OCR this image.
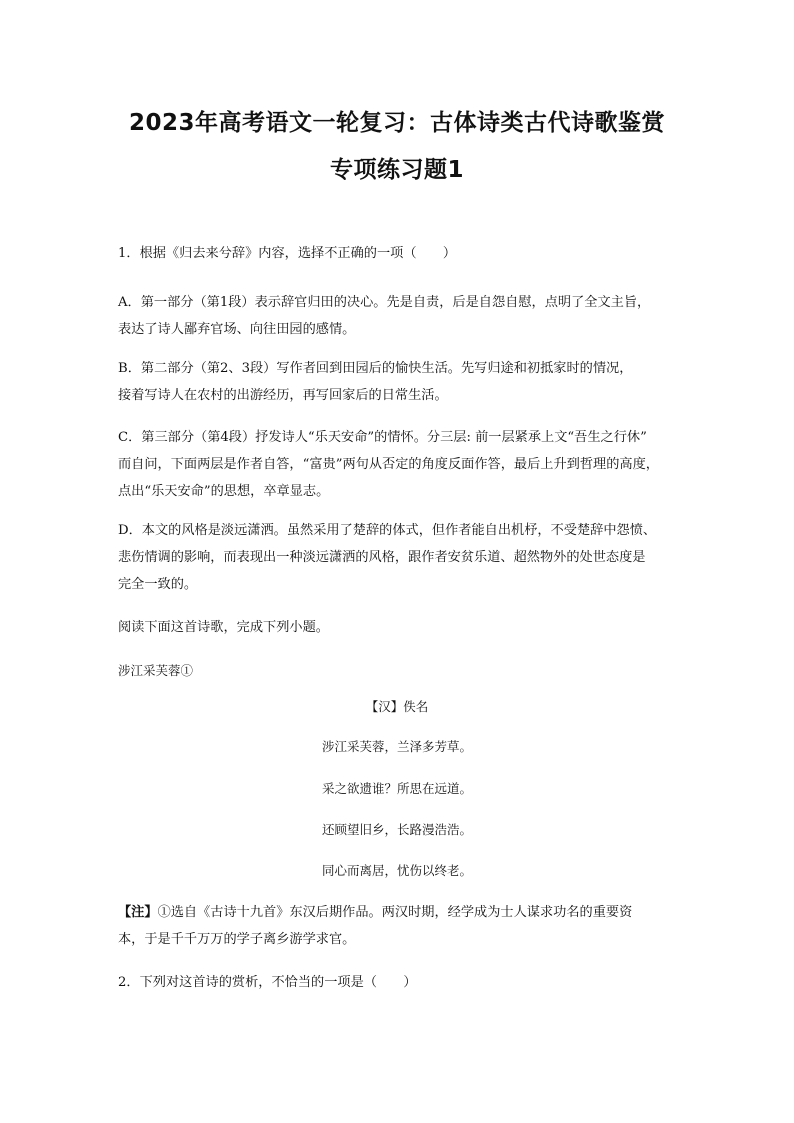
2023年高考语文一轮复习：古体诗类古代诗歌鉴赏
专项练习题1

1．根据《归去来兮辞》内容，选择不正确的一项（　　）

A．第一部分（第1段）表示辞官归田的决心。先是自责，后是自怨自慰，点明了全文主旨，
表达了诗人鄙弃官场、向往田园的感情。

B．第二部分（第2、3段）写作者回到田园后的愉快生活。先写归途和初抵家时的情况，
接着写诗人在农村的出游经历，再写回家后的日常生活。

C．第三部分（第4段）抒发诗人“乐天安命”的情怀。分三层: 前一层紧承上文“吾生之行休”
而自问，下面两层是作者自答，“富贵”两句从否定的角度反面作答，最后上升到哲理的高度，
点出“乐天安命”的思想，卒章显志。

D．本文的风格是淡远潇洒。虽然采用了楚辞的体式，但作者能自出机杼，不受楚辞中怨愤、
悲伤情调的影响，而表现出一种淡远潇洒的风格，跟作者安贫乐道、超然物外的处世态度是
完全一致的。

阅读下面这首诗歌，完成下列小题。

涉江采芙蓉①

【汉】佚名
涉江采芙蓉，兰泽多芳草。
采之欲遗谁？所思在远道。
还顾望旧乡，长路漫浩浩。
同心而离居，忧伤以终老。

【注】①选自《古诗十九首》东汉后期作品。两汉时期，经学成为士人谋求功名的重要资
本，于是千千万万的学子离乡游学求官。

2．下列对这首诗的赏析，不恰当的一项是（　　）
